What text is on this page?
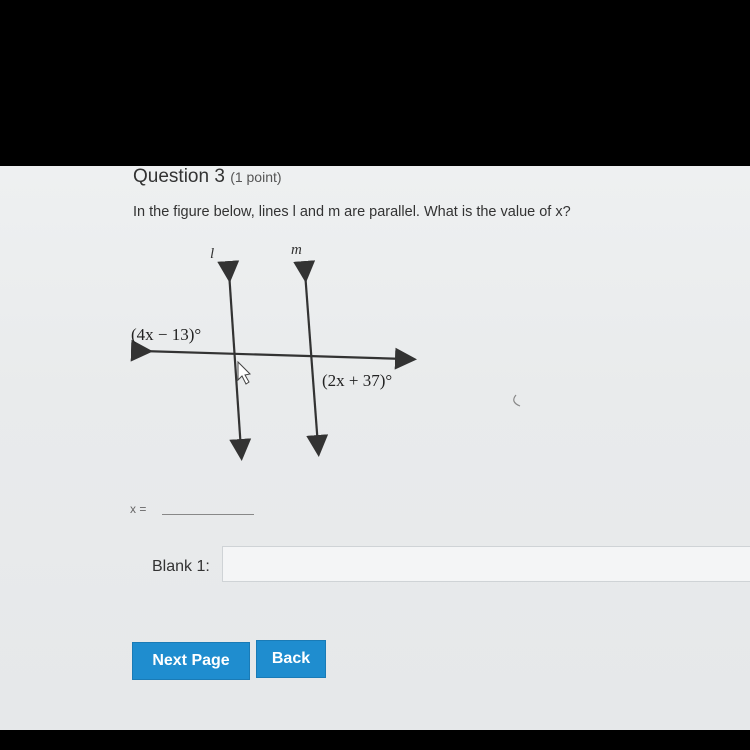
Question 3 (1 point)
In the figure below, lines l and m are parallel. What is the value of x?
l	m
(4x − 13)°
(2x + 37)°
x =
Blank 1:
Next Page	Back
